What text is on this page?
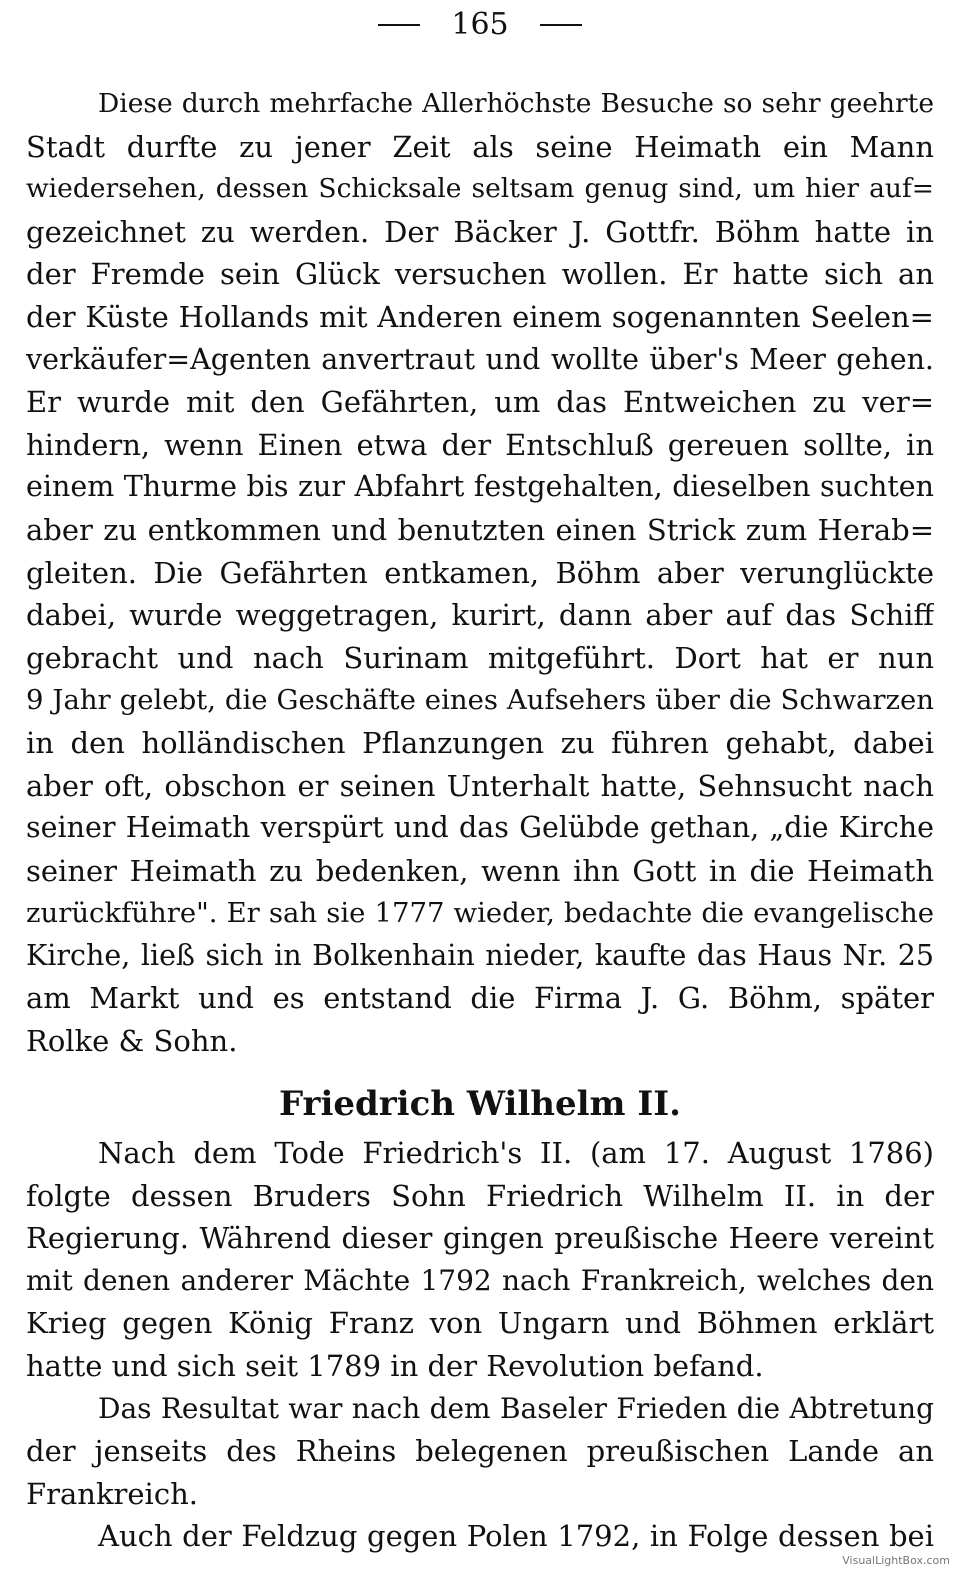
165
Diese durch mehrfache Allerhöchste Besuche so sehr geehrte
Stadt durfte zu jener Zeit als seine Heimath ein Mann
wiedersehen, dessen Schicksale seltsam genug sind, um hier auf=
gezeichnet zu werden. Der Bäcker J. Gottfr. Böhm hatte in
der Fremde sein Glück versuchen wollen. Er hatte sich an
der Küste Hollands mit Anderen einem sogenannten Seelen=
verkäufer=Agenten anvertraut und wollte über's Meer gehen.
Er wurde mit den Gefährten, um das Entweichen zu ver=
hindern, wenn Einen etwa der Entschluß gereuen sollte, in
einem Thurme bis zur Abfahrt festgehalten, dieselben suchten
aber zu entkommen und benutzten einen Strick zum Herab=
gleiten. Die Gefährten entkamen, Böhm aber verunglückte
dabei, wurde weggetragen, kurirt, dann aber auf das Schiff
gebracht und nach Surinam mitgeführt. Dort hat er nun
9 Jahr gelebt, die Geschäfte eines Aufsehers über die Schwarzen
in den holländischen Pflanzungen zu führen gehabt, dabei
aber oft, obschon er seinen Unterhalt hatte, Sehnsucht nach
seiner Heimath verspürt und das Gelübde gethan, „die Kirche
seiner Heimath zu bedenken, wenn ihn Gott in die Heimath
zurückführe". Er sah sie 1777 wieder, bedachte die evangelische
Kirche, ließ sich in Bolkenhain nieder, kaufte das Haus Nr. 25
am Markt und es entstand die Firma J. G. Böhm, später
Rolke & Sohn.
Friedrich Wilhelm II.
Nach dem Tode Friedrich's II. (am 17. August 1786)
folgte dessen Bruders Sohn Friedrich Wilhelm II. in der
Regierung. Während dieser gingen preußische Heere vereint
mit denen anderer Mächte 1792 nach Frankreich, welches den
Krieg gegen König Franz von Ungarn und Böhmen erklärt
hatte und sich seit 1789 in der Revolution befand.
Das Resultat war nach dem Baseler Frieden die Abtretung
der jenseits des Rheins belegenen preußischen Lande an
Frankreich.
Auch der Feldzug gegen Polen 1792, in Folge dessen bei
VisualLightBox.com
